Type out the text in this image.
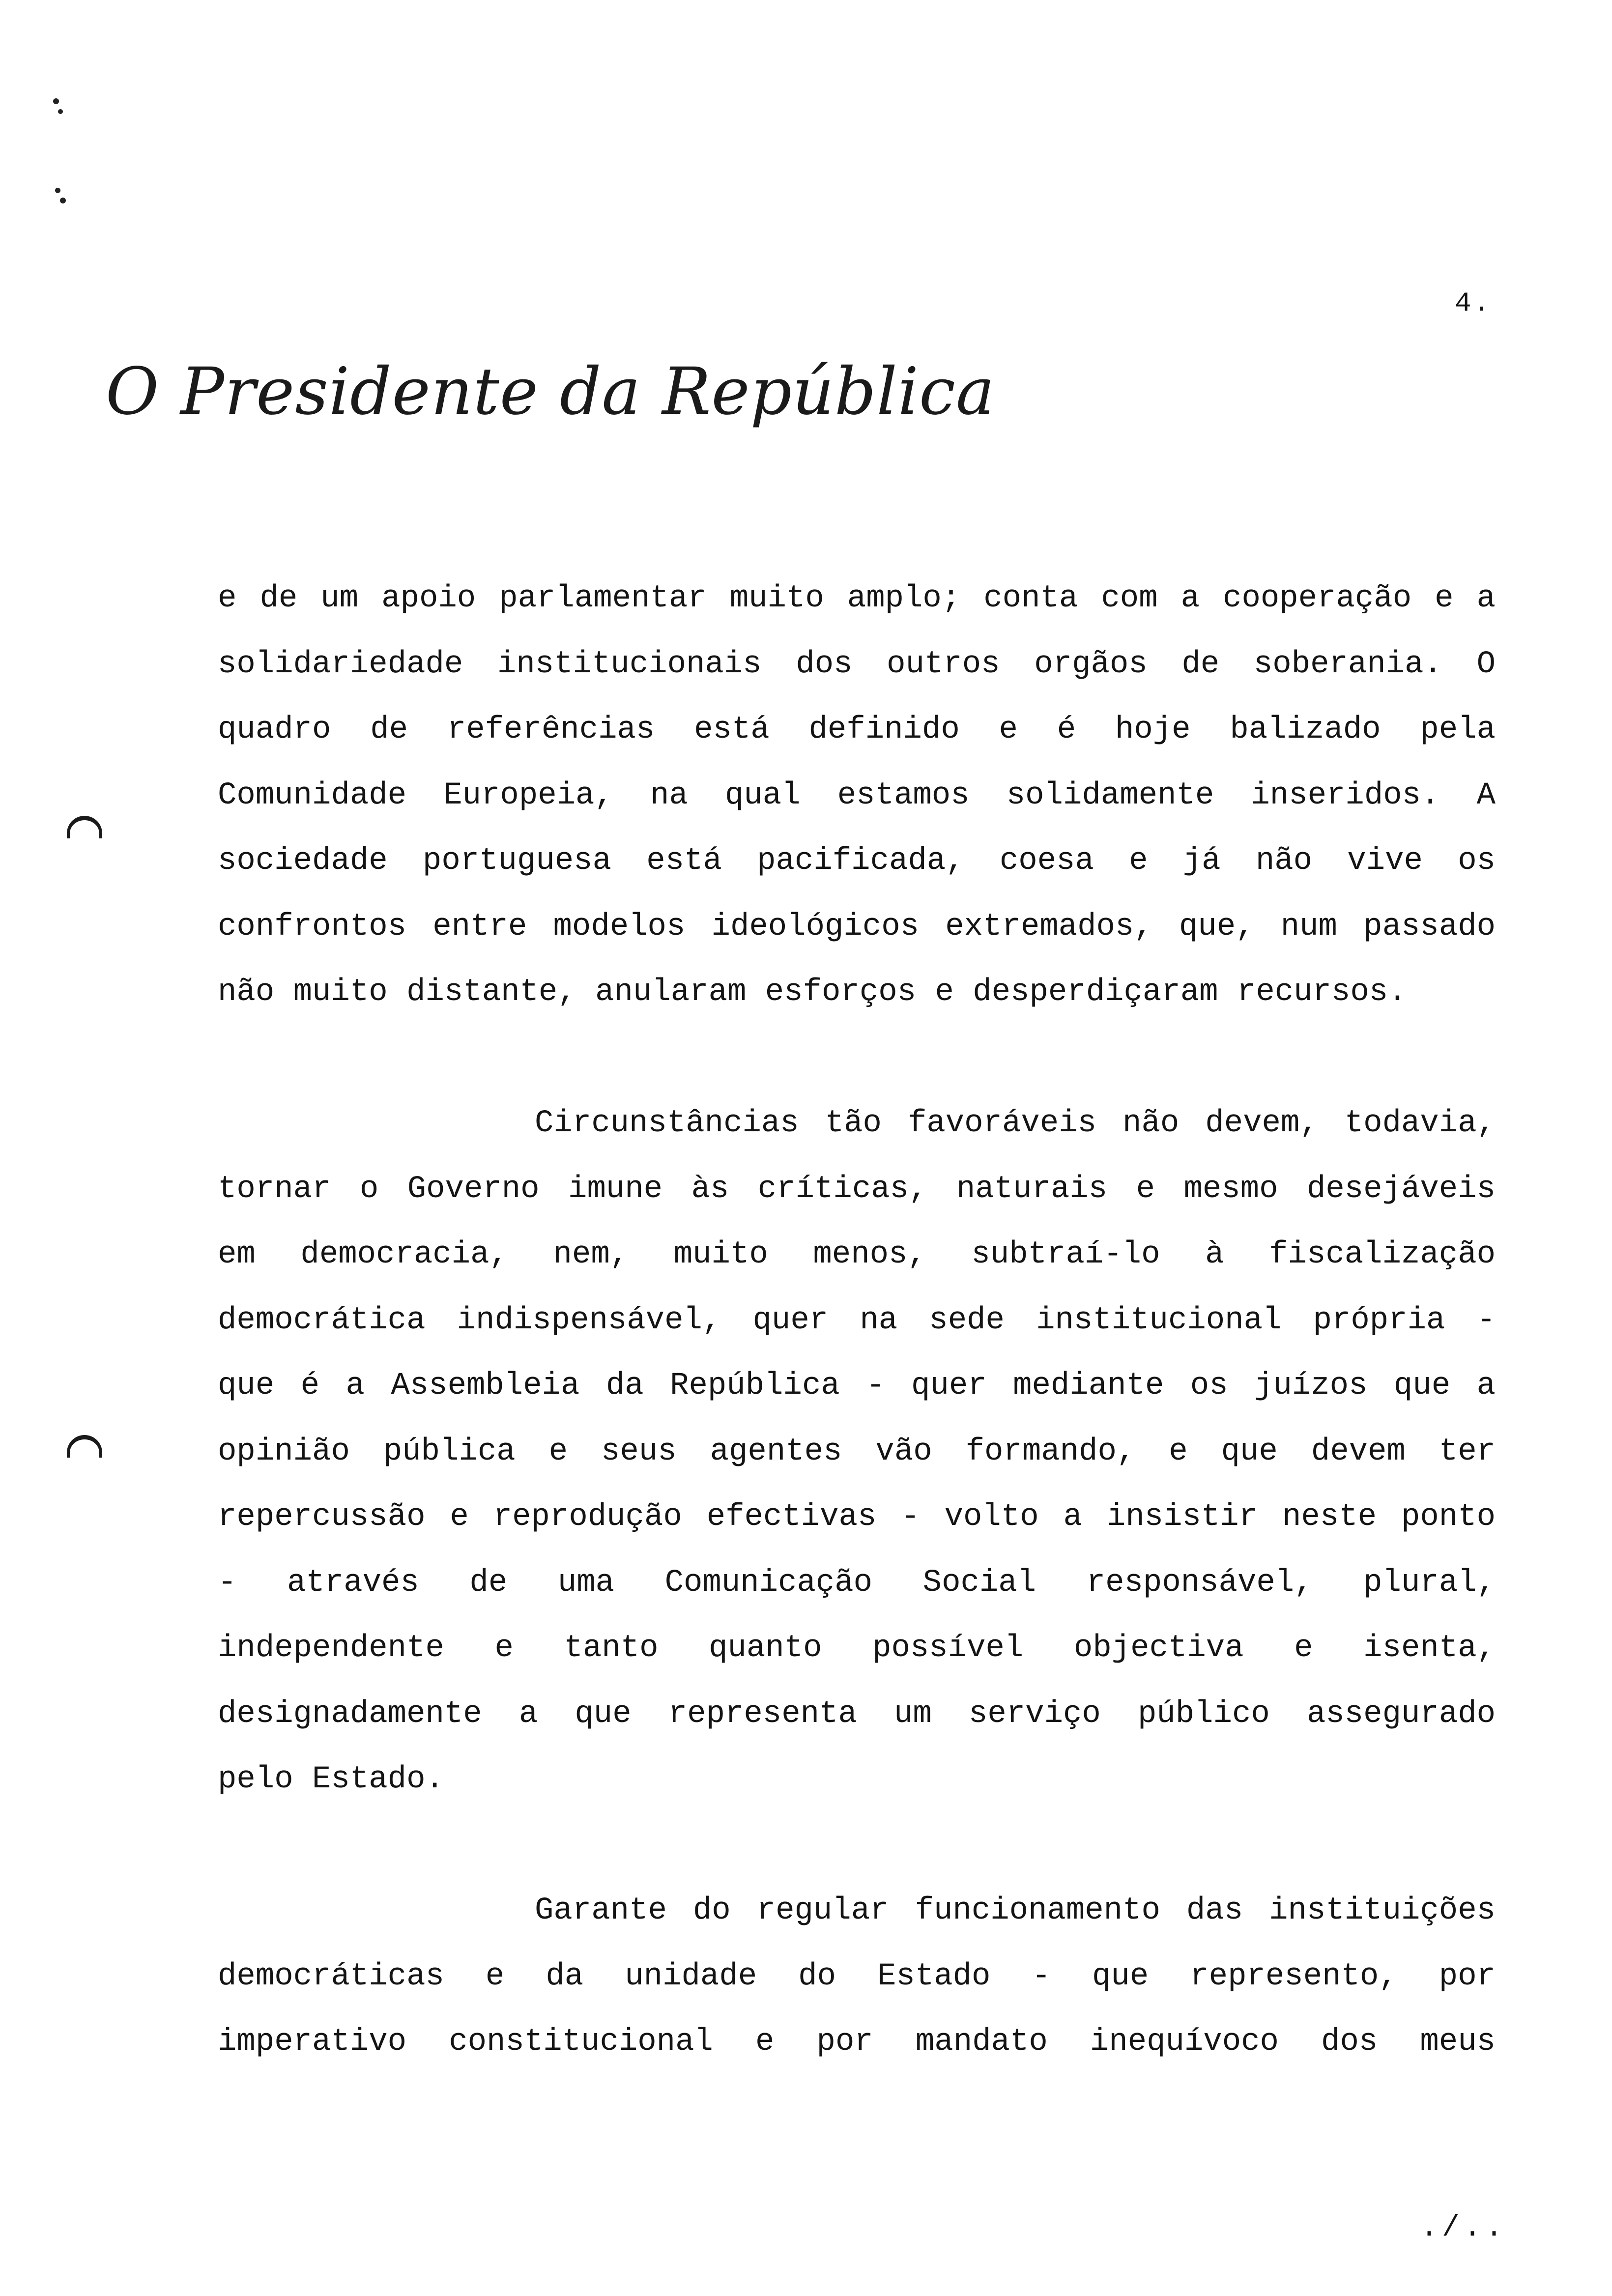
4.
O Presidente da República
e de um apoio parlamentar muito amplo; conta com a cooperação e a
solidariedade institucionais dos outros orgãos de soberania. O
quadro de referências está definido e é hoje balizado pela
Comunidade Europeia, na qual estamos solidamente inseridos. A
sociedade portuguesa está pacificada, coesa e já não vive os
confrontos entre modelos ideológicos extremados, que, num passado
não muito distante, anularam esforços e desperdiçaram recursos.
Circunstâncias tão favoráveis não devem, todavia,
tornar o Governo imune às críticas, naturais e mesmo desejáveis
em democracia, nem, muito menos, subtraí-lo à fiscalização
democrática indispensável, quer na sede institucional própria -
que é a Assembleia da República - quer mediante os juízos que a
opinião pública e seus agentes vão formando, e que devem ter
repercussão e reprodução efectivas - volto a insistir neste ponto
- através de uma Comunicação Social responsável, plural,
independente e tanto quanto possível objectiva e isenta,
designadamente a que representa um serviço público assegurado
pelo Estado.
Garante do regular funcionamento das instituições
democráticas e da unidade do Estado - que represento, por
imperativo constitucional e por mandato inequívoco dos meus
./..
